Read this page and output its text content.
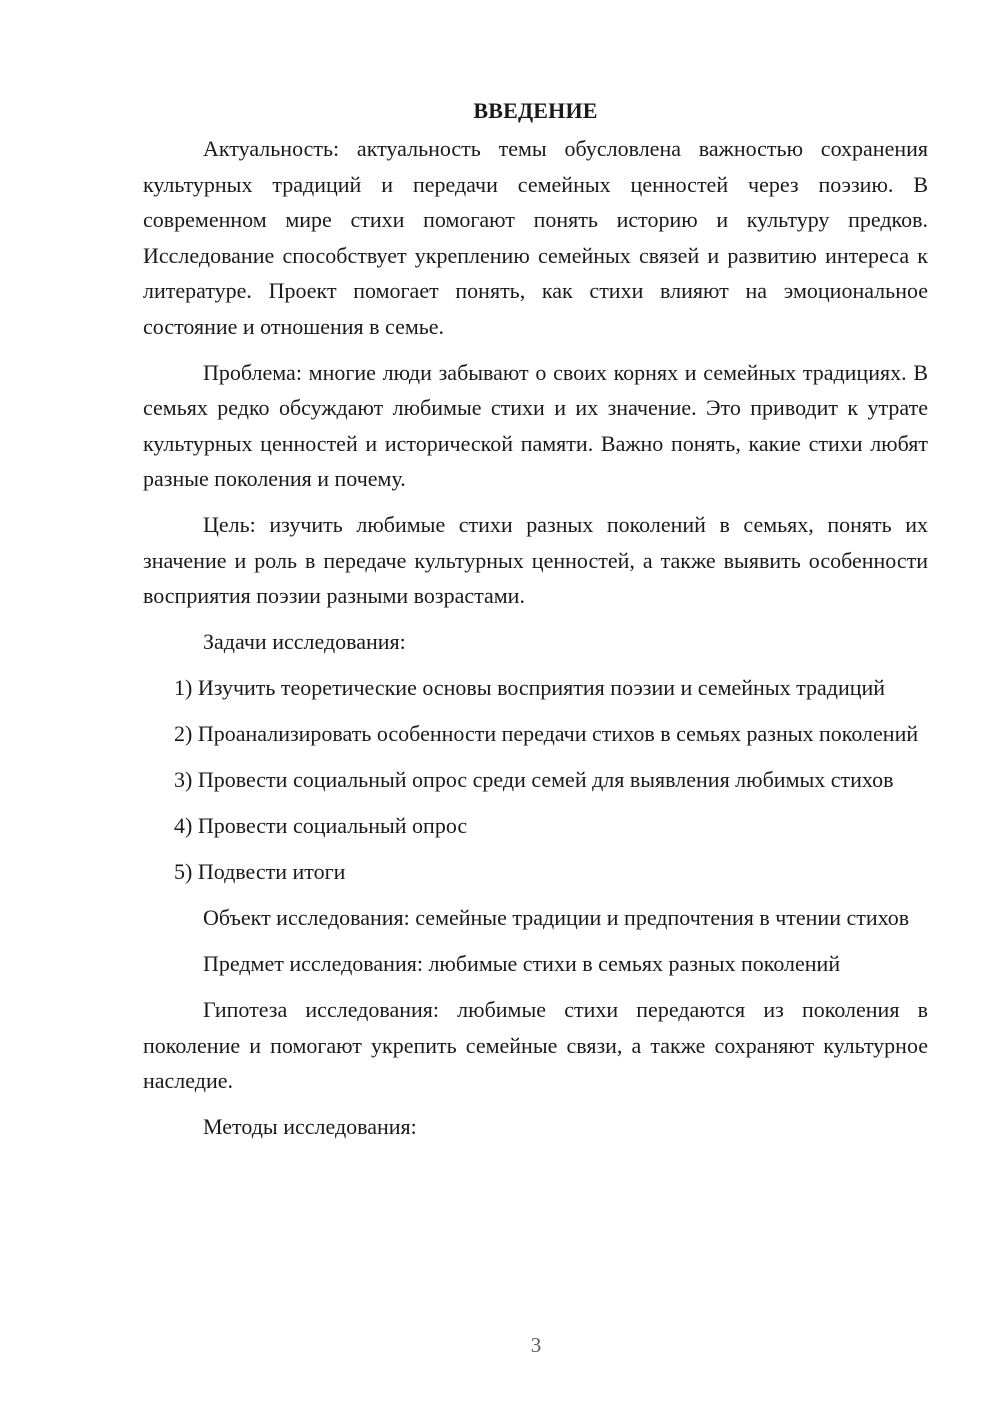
ВВЕДЕНИЕ

Актуальность: актуальность темы обусловлена важностью сохранения культурных традиций и передачи семейных ценностей через поэзию. В современном мире стихи помогают понять историю и культуру предков. Исследование способствует укреплению семейных связей и развитию интереса к литературе. Проект помогает понять, как стихи влияют на эмоциональное состояние и отношения в семье.

Проблема: многие люди забывают о своих корнях и семейных традициях. В семьях редко обсуждают любимые стихи и их значение. Это приводит к утрате культурных ценностей и исторической памяти. Важно понять, какие стихи любят разные поколения и почему.

Цель: изучить любимые стихи разных поколений в семьях, понять их значение и роль в передаче культурных ценностей, а также выявить особенности восприятия поэзии разными возрастами.

Задачи исследования:

1) Изучить теоретические основы восприятия поэзии и семейных традиций

2) Проанализировать особенности передачи стихов в семьях разных поколений

3) Провести социальный опрос среди семей для выявления любимых стихов

4) Провести социальный опрос

5) Подвести итоги

Объект исследования: семейные традиции и предпочтения в чтении стихов

Предмет исследования: любимые стихи в семьях разных поколений

Гипотеза исследования: любимые стихи передаются из поколения в поколение и помогают укрепить семейные связи, а также сохраняют культурное наследие.

Методы исследования:

3
